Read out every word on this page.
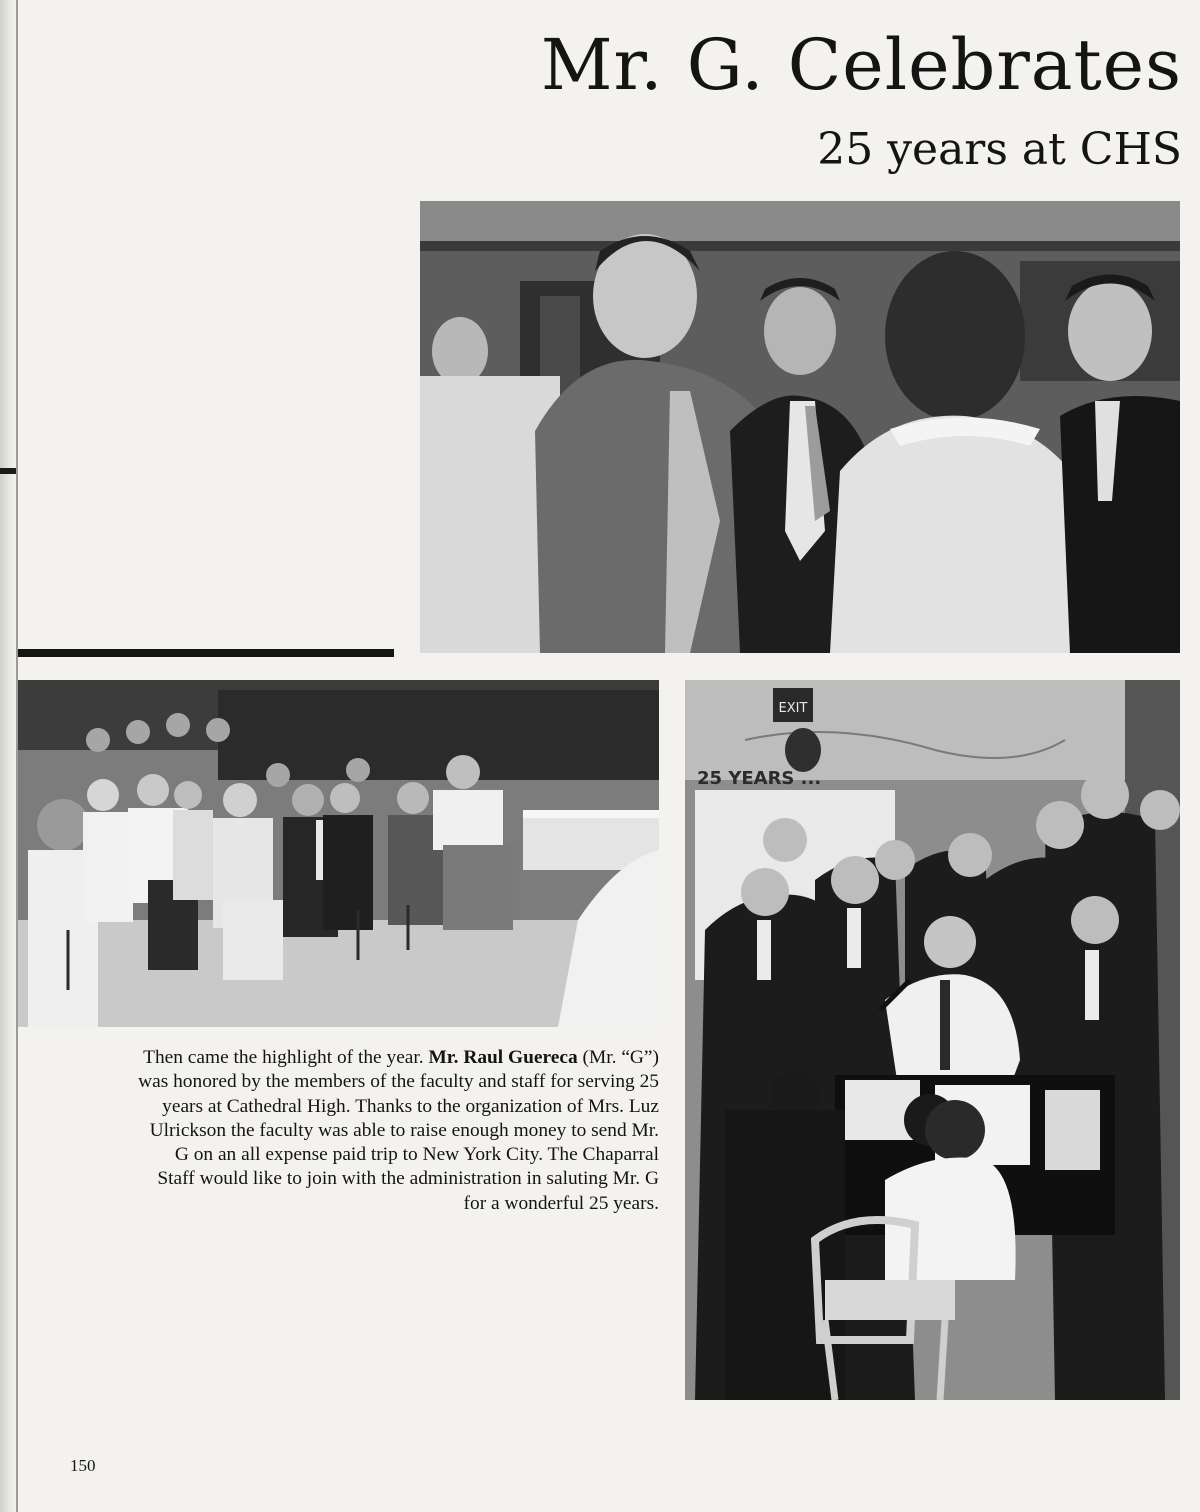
Mr. G. Celebrates
25 years at CHS
EXIT
25 YEARS ...

Then came the highlight of the year. Mr. Raul Guereca (Mr. “G”) was honored by the members of the faculty and staff for serving 25 years at Cathedral High. Thanks to the organization of Mrs. Luz Ulrickson the faculty was able to raise enough money to send Mr. G on an all expense paid trip to New York City. The Chaparral Staff would like to join with the administration in saluting Mr. G for a wonderful 25 years.

150
